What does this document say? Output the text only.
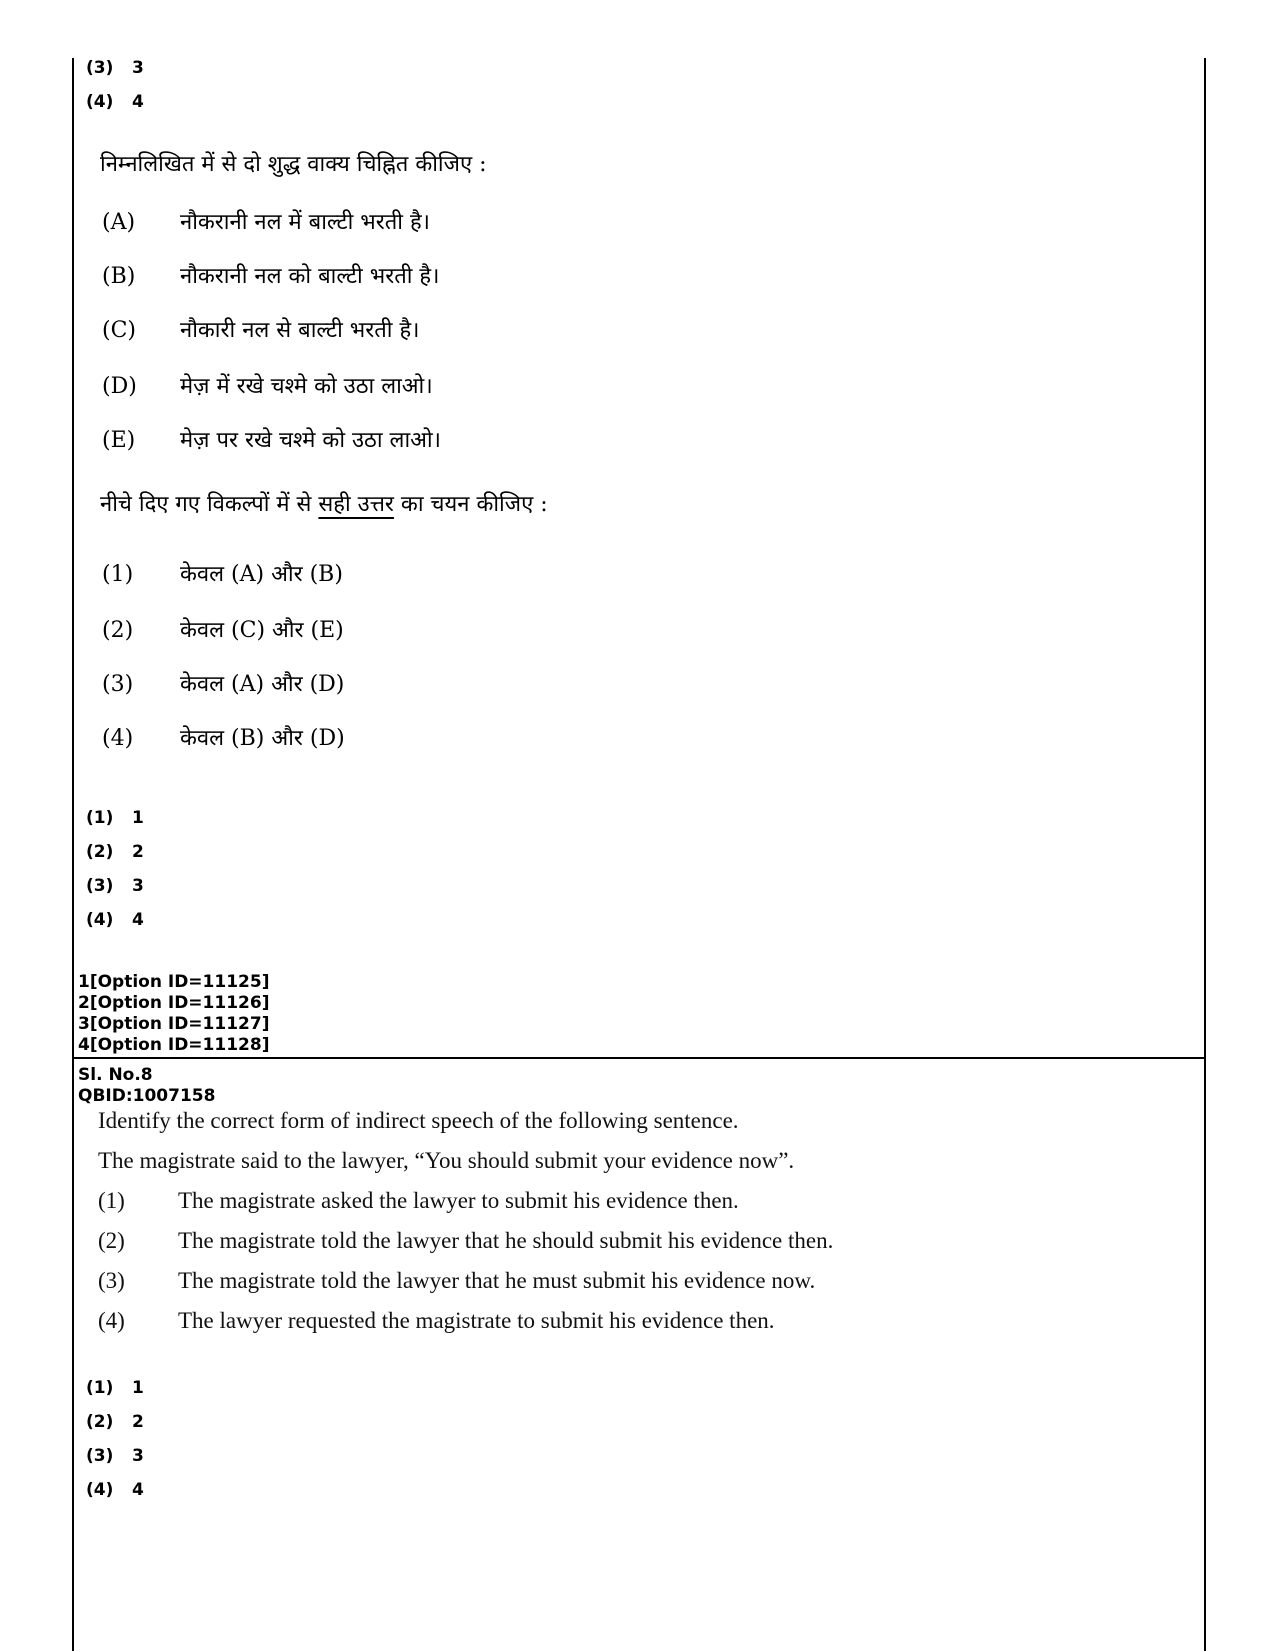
(3) 3
(4) 4
निम्नलिखित में से दो शुद्ध वाक्य चिह्नित कीजिए :
(A) नौकरानी नल में बाल्टी भरती है।
(B) नौकरानी नल को बाल्टी भरती है।
(C) नौकारी नल से बाल्टी भरती है।
(D) मेज़ में रखे चश्मे को उठा लाओ।
(E) मेज़ पर रखे चश्मे को उठा लाओ।
नीचे दिए गए विकल्पों में से सही उत्तर का चयन कीजिए :
(1) केवल (A) और (B)
(2) केवल (C) और (E)
(3) केवल (A) और (D)
(4) केवल (B) और (D)
(1) 1
(2) 2
(3) 3
(4) 4
1[Option ID=11125]
2[Option ID=11126]
3[Option ID=11127]
4[Option ID=11128]
Sl. No.8
QBID:1007158
Identify the correct form of indirect speech of the following sentence.
The magistrate said to the lawyer, “You should submit your evidence now”.
(1) The magistrate asked the lawyer to submit his evidence then.
(2) The magistrate told the lawyer that he should submit his evidence then.
(3) The magistrate told the lawyer that he must submit his evidence now.
(4) The lawyer requested the magistrate to submit his evidence then.
(1) 1
(2) 2
(3) 3
(4) 4
